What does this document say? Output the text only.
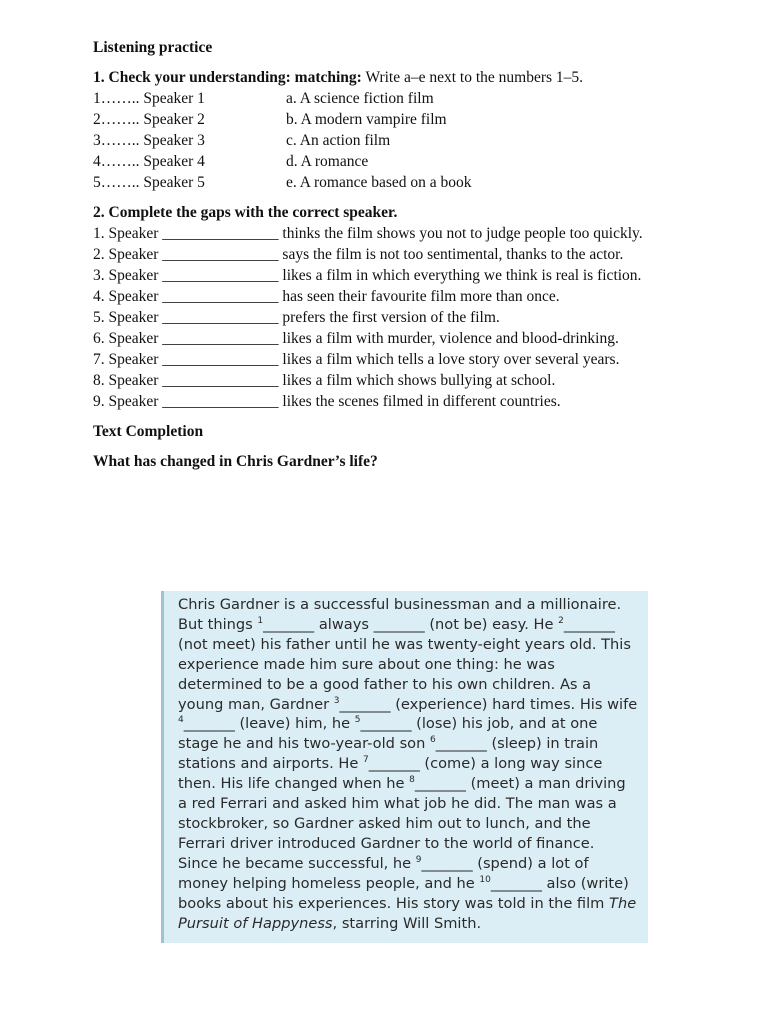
Listening practice

1. Check your understanding: matching: Write a–e next to the numbers 1–5.

1…….. Speaker 1	a. A science fiction film
2…….. Speaker 2	b. A modern vampire film
3…….. Speaker 3	c. An action film
4…….. Speaker 4	d. A romance
5…….. Speaker 5	e. A romance based on a book

2. Complete the gaps with the correct speaker.

1. Speaker _______________ thinks the film shows you not to judge people too quickly.

2. Speaker _______________ says the film is not too sentimental, thanks to the actor.

3. Speaker _______________ likes a film in which everything we think is real is fiction.

4. Speaker _______________ has seen their favourite film more than once.

5. Speaker _______________ prefers the first version of the film.

6. Speaker _______________ likes a film with murder, violence and blood-drinking.

7. Speaker _______________ likes a film which tells a love story over several years.

8. Speaker _______________ likes a film which shows bullying at school.

9. Speaker _______________ likes the scenes filmed in different countries.

Text Completion

What has changed in Chris Gardner’s life?

Chris Gardner is a successful businessman and a millionaire. But things $^1$_______ always _______ (not be) easy. He $^2$_______ (not meet) his father until he was twenty-eight years old. This experience made him sure about one thing: he was determined to be a good father to his own children. As a young man, Gardner $^3$_______ (experience) hard times. His wife $^4$_______ (leave) him, he $^5$_______ (lose) his job, and at one stage he and his two-year-old son $^6$_______ (sleep) in train stations and airports. He $^7$_______ (come) a long way since then. His life changed when he $^8$_______ (meet) a man driving a red Ferrari and asked him what job he did. The man was a stockbroker, so Gardner asked him out to lunch, and the Ferrari driver introduced Gardner to the world of finance. Since he became successful, he $^9$_______ (spend) a lot of money helping homeless people, and he $^{10}$_______ also (write) books about his experiences. His story was told in the film The Pursuit of Happyness, starring Will Smith.
